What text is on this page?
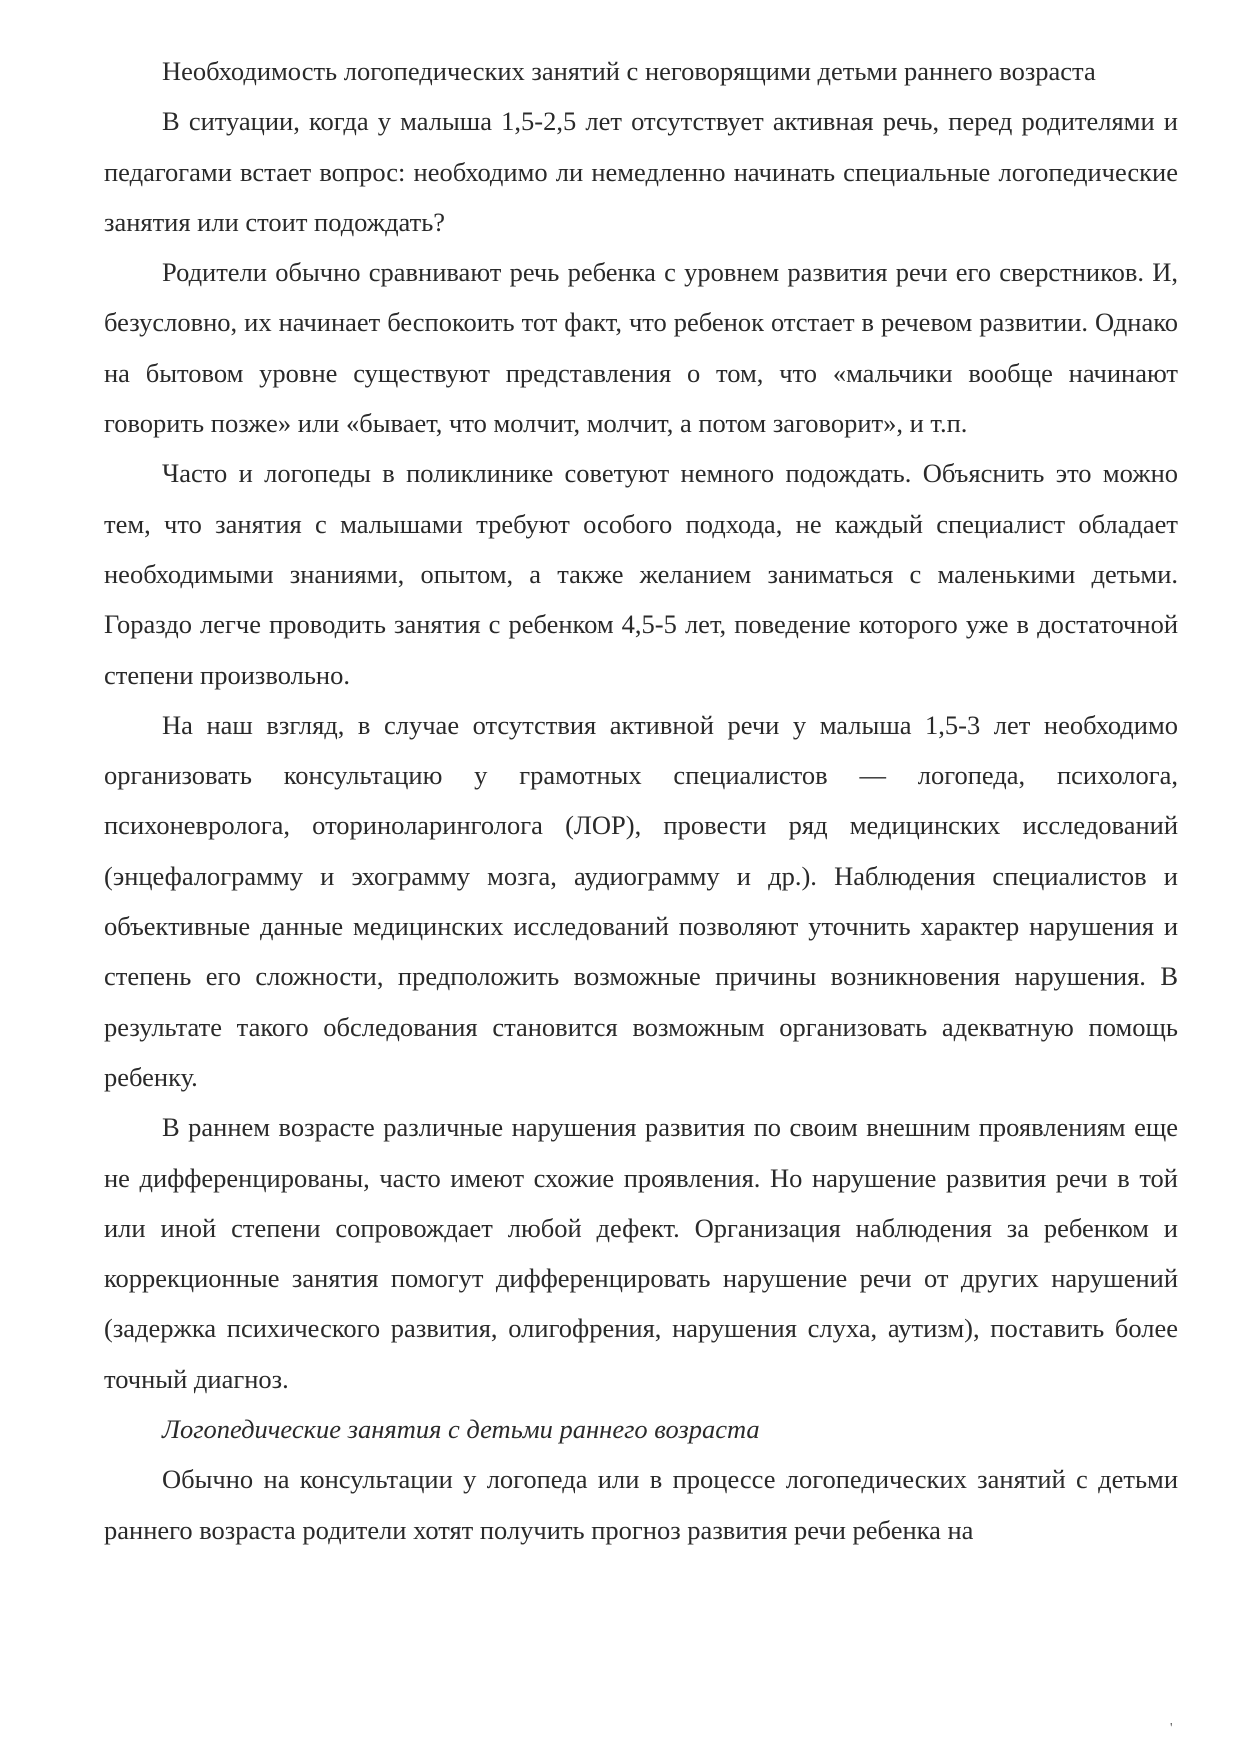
Необходимость логопедических занятий с неговорящими детьми раннего возраста

В ситуации, когда у малыша 1,5-2,5 лет отсутствует активная речь, перед родителями и педагогами встает вопрос: необходимо ли немедленно начинать специальные логопедические занятия или стоит подождать?

Родители обычно сравнивают речь ребенка с уровнем развития речи его сверстников. И, безусловно, их начинает беспокоить тот факт, что ребенок отстает в речевом развитии. Однако на бытовом уровне существуют представления о том, что «мальчики вообще начинают говорить позже» или «бывает, что молчит, молчит, а потом заговорит», и т.п.

Часто и логопеды в поликлинике советуют немного подождать. Объяснить это можно тем, что занятия с малышами требуют особого подхода, не каждый специалист обладает необходимыми знаниями, опытом, а также желанием заниматься с маленькими детьми. Гораздо легче проводить занятия с ребенком 4,5-5 лет, поведение которого уже в достаточной степени произвольно.

На наш взгляд, в случае отсутствия активной речи у малыша 1,5-3 лет необходимо организовать консультацию у грамотных специалистов — логопеда, психолога, психоневролога, оториноларинголога (ЛОР), провести ряд медицинских исследований (энцефалограмму и эхограмму мозга, аудиограмму и др.). Наблюдения специалистов и объективные данные медицинских исследований позволяют уточнить характер нарушения и степень его сложности, предположить возможные причины возникновения нарушения. В результате такого обследования становится возможным организовать адекватную помощь ребенку.

В раннем возрасте различные нарушения развития по своим внешним проявлениям еще не дифференцированы, часто имеют схожие проявления. Но нарушение развития речи в той или иной степени сопровождает любой дефект. Организация наблюдения за ребенком и коррекционные занятия помогут дифференцировать нарушение речи от других нарушений (задержка психического развития, олигофрения, нарушения слуха, аутизм), поставить более точный диагноз.

Логопедические занятия с детьми раннего возраста

Обычно на консультации у логопеда или в процессе логопедических занятий с детьми раннего возраста родители хотят получить прогноз развития речи ребенка на

'
